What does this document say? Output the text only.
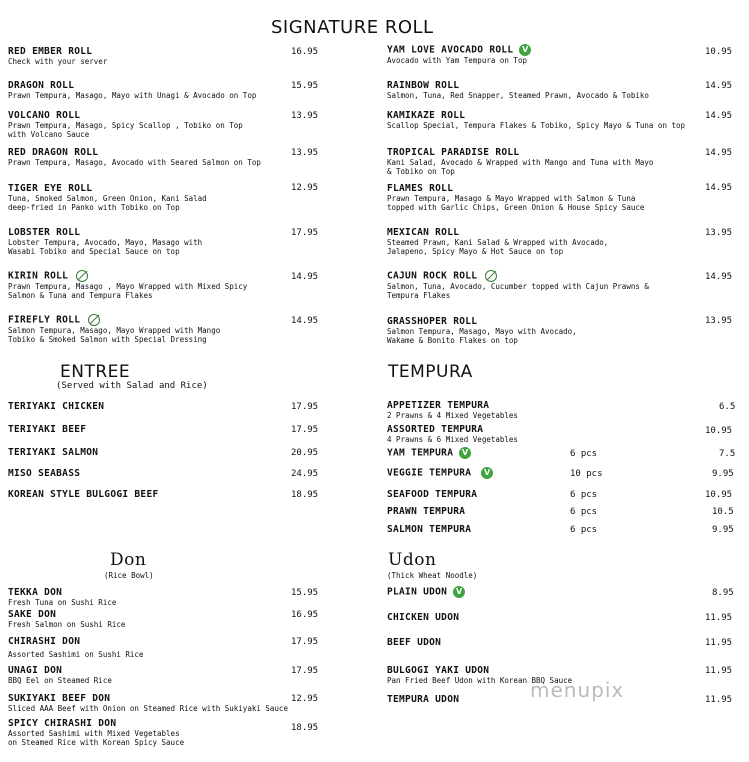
SIGNATURE ROLL
ENTREE
(Served with Salad and Rice)
TEMPURA
Don
(Rice Bowl)
Udon
(Thick Wheat Noodle)
RED EMBER ROLL
Check with your server
16.95
DRAGON ROLL
Prawn Tempura, Masago, Mayo with Unagi & Avocado on Top
15.95
VOLCANO ROLL
Prawn Tempura, Masago, Spicy Scallop , Tobiko on Top
with Volcano Sauce
13.95
RED DRAGON ROLL
Prawn Tempura, Masago, Avocado with Seared Salmon on Top
13.95
TIGER EYE ROLL
Tuna, Smoked Salmon, Green Onion, Kani Salad
deep-fried in Panko with Tobiko on Top
12.95
LOBSTER ROLL
Lobster Tempura, Avocado, Mayo, Masago with
Wasabi Tobiko and Special Sauce on top
17.95
KIRIN ROLL
Prawn Tempura, Masago , Mayo Wrapped with Mixed Spicy
Salmon & Tuna and Tempura Flakes
14.95
FIREFLY ROLL
Salmon Tempura, Masago, Mayo Wrapped with Mango
Tobiko & Smoked Salmon with Special Dressing
14.95
YAM LOVE AVOCADO ROLL V
Avocado with Yam Tempura on Top
10.95
RAINBOW ROLL
Salmon, Tuna, Red Snapper, Steamed Prawn, Avocado & Tobiko
14.95
KAMIKAZE ROLL
Scallop Special, Tempura Flakes & Tobiko, Spicy Mayo & Tuna on top
14.95
TROPICAL PARADISE ROLL
Kani Salad, Avocado & Wrapped with Mango and Tuna with Mayo
& Tobiko on Top
14.95
FLAMES ROLL
Prawn Tempura, Masago & Mayo Wrapped with Salmon & Tuna
topped with Garlic Chips, Green Onion & House Spicy Sauce
14.95
MEXICAN ROLL
Steamed Prawn, Kani Salad & Wrapped with Avocado,
Jalapeno, Spicy Mayo & Hot Sauce on top
13.95
CAJUN ROCK ROLL
Salmon, Tuna, Avocado, Cucumber topped with Cajun Prawns &
Tempura Flakes
14.95
GRASSHOPER ROLL
Salmon Tempura, Masago, Mayo with Avocado,
Wakame & Bonito Flakes on top
13.95
TERIYAKI CHICKEN	17.95
TERIYAKI BEEF	17.95
TERIYAKI SALMON	20.95
MISO SEABASS	24.95
KOREAN STYLE BULGOGI BEEF	18.95
APPETIZER TEMPURA
2 Prawns & 4 Mixed Vegetables
6.5
ASSORTED TEMPURA
4 Prawns & 6 Mixed Vegetables
10.95
YAM TEMPURA V	6 pcs	7.5
VEGGIE TEMPURA V	10 pcs	9.95
SEAFOOD TEMPURA	6 pcs	10.95
PRAWN TEMPURA	6 pcs	10.5
SALMON TEMPURA	6 pcs	9.95
TEKKA DON
Fresh Tuna on Sushi Rice
15.95
SAKE DON
Fresh Salmon on Sushi Rice
16.95
CHIRASHI DON
Assorted Sashimi on Sushi Rice
17.95
UNAGI DON
BBQ Eel on Steamed Rice
17.95
SUKIYAKI BEEF DON
Sliced AAA Beef with Onion on Steamed Rice with Sukiyaki Sauce
12.95
SPICY CHIRASHI DON
Assorted Sashimi with Mixed Vegetables
on Steamed Rice with Korean Spicy Sauce
18.95
PLAIN UDON V	8.95
CHICKEN UDON	11.95
BEEF UDON	11.95
BULGOGI YAKI UDON
Pan Fried Beef Udon with Korean BBQ Sauce
11.95
TEMPURA UDON	11.95
menupix
